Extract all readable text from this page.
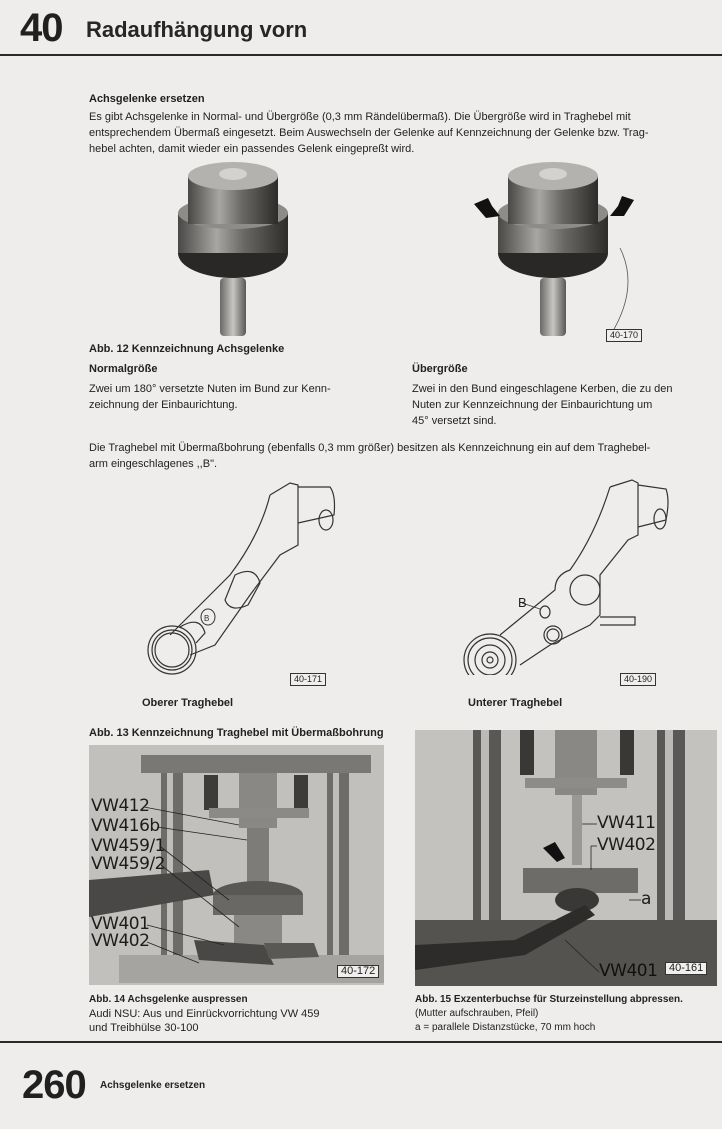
40 Radaufhängung vorn
Achsgelenke ersetzen
Es gibt Achsgelenke in Normal- und Übergröße (0,3 mm Rändelübermaß). Die Übergröße wird in Traghebel mit
entsprechendem Übermaß eingesetzt. Beim Auswechseln der Gelenke auf Kennzeichnung der Gelenke bzw. Trag-
hebel achten, damit wieder ein passendes Gelenk eingepreßt wird.
40-170
Abb. 12 Kennzeichnung Achsgelenke
Normalgröße
Zwei um 180° versetzte Nuten im Bund zur Kenn-
zeichnung der Einbaurichtung.
Übergröße
Zwei in den Bund eingeschlagene Kerben, die zu den
Nuten zur Kennzeichnung der Einbaurichtung um
45° versetzt sind.
Die Traghebel mit Übermaßbohrung (ebenfalls 0,3 mm größer) besitzen als Kennzeichnung ein auf dem Traghebel-
arm eingeschlagenes ,,B".
B
40-171
Oberer Traghebel
B
40-190
Unterer Traghebel
Abb. 13 Kennzeichnung Traghebel mit Übermaßbohrung
VW412
VW416b
VW459/1
VW459/2
VW401
VW402
40-172
VW411
VW402
a
VW401	40-161
Abb. 14 Achsgelenke auspressen
Audi NSU: Aus und Einrückvorrichtung VW 459
und Treibhülse 30-100
Abb. 15 Exzenterbuchse für Sturzeinstellung abpressen.
(Mutter aufschrauben, Pfeil)
a = parallele Distanzstücke, 70 mm hoch
260 Achsgelenke ersetzen
